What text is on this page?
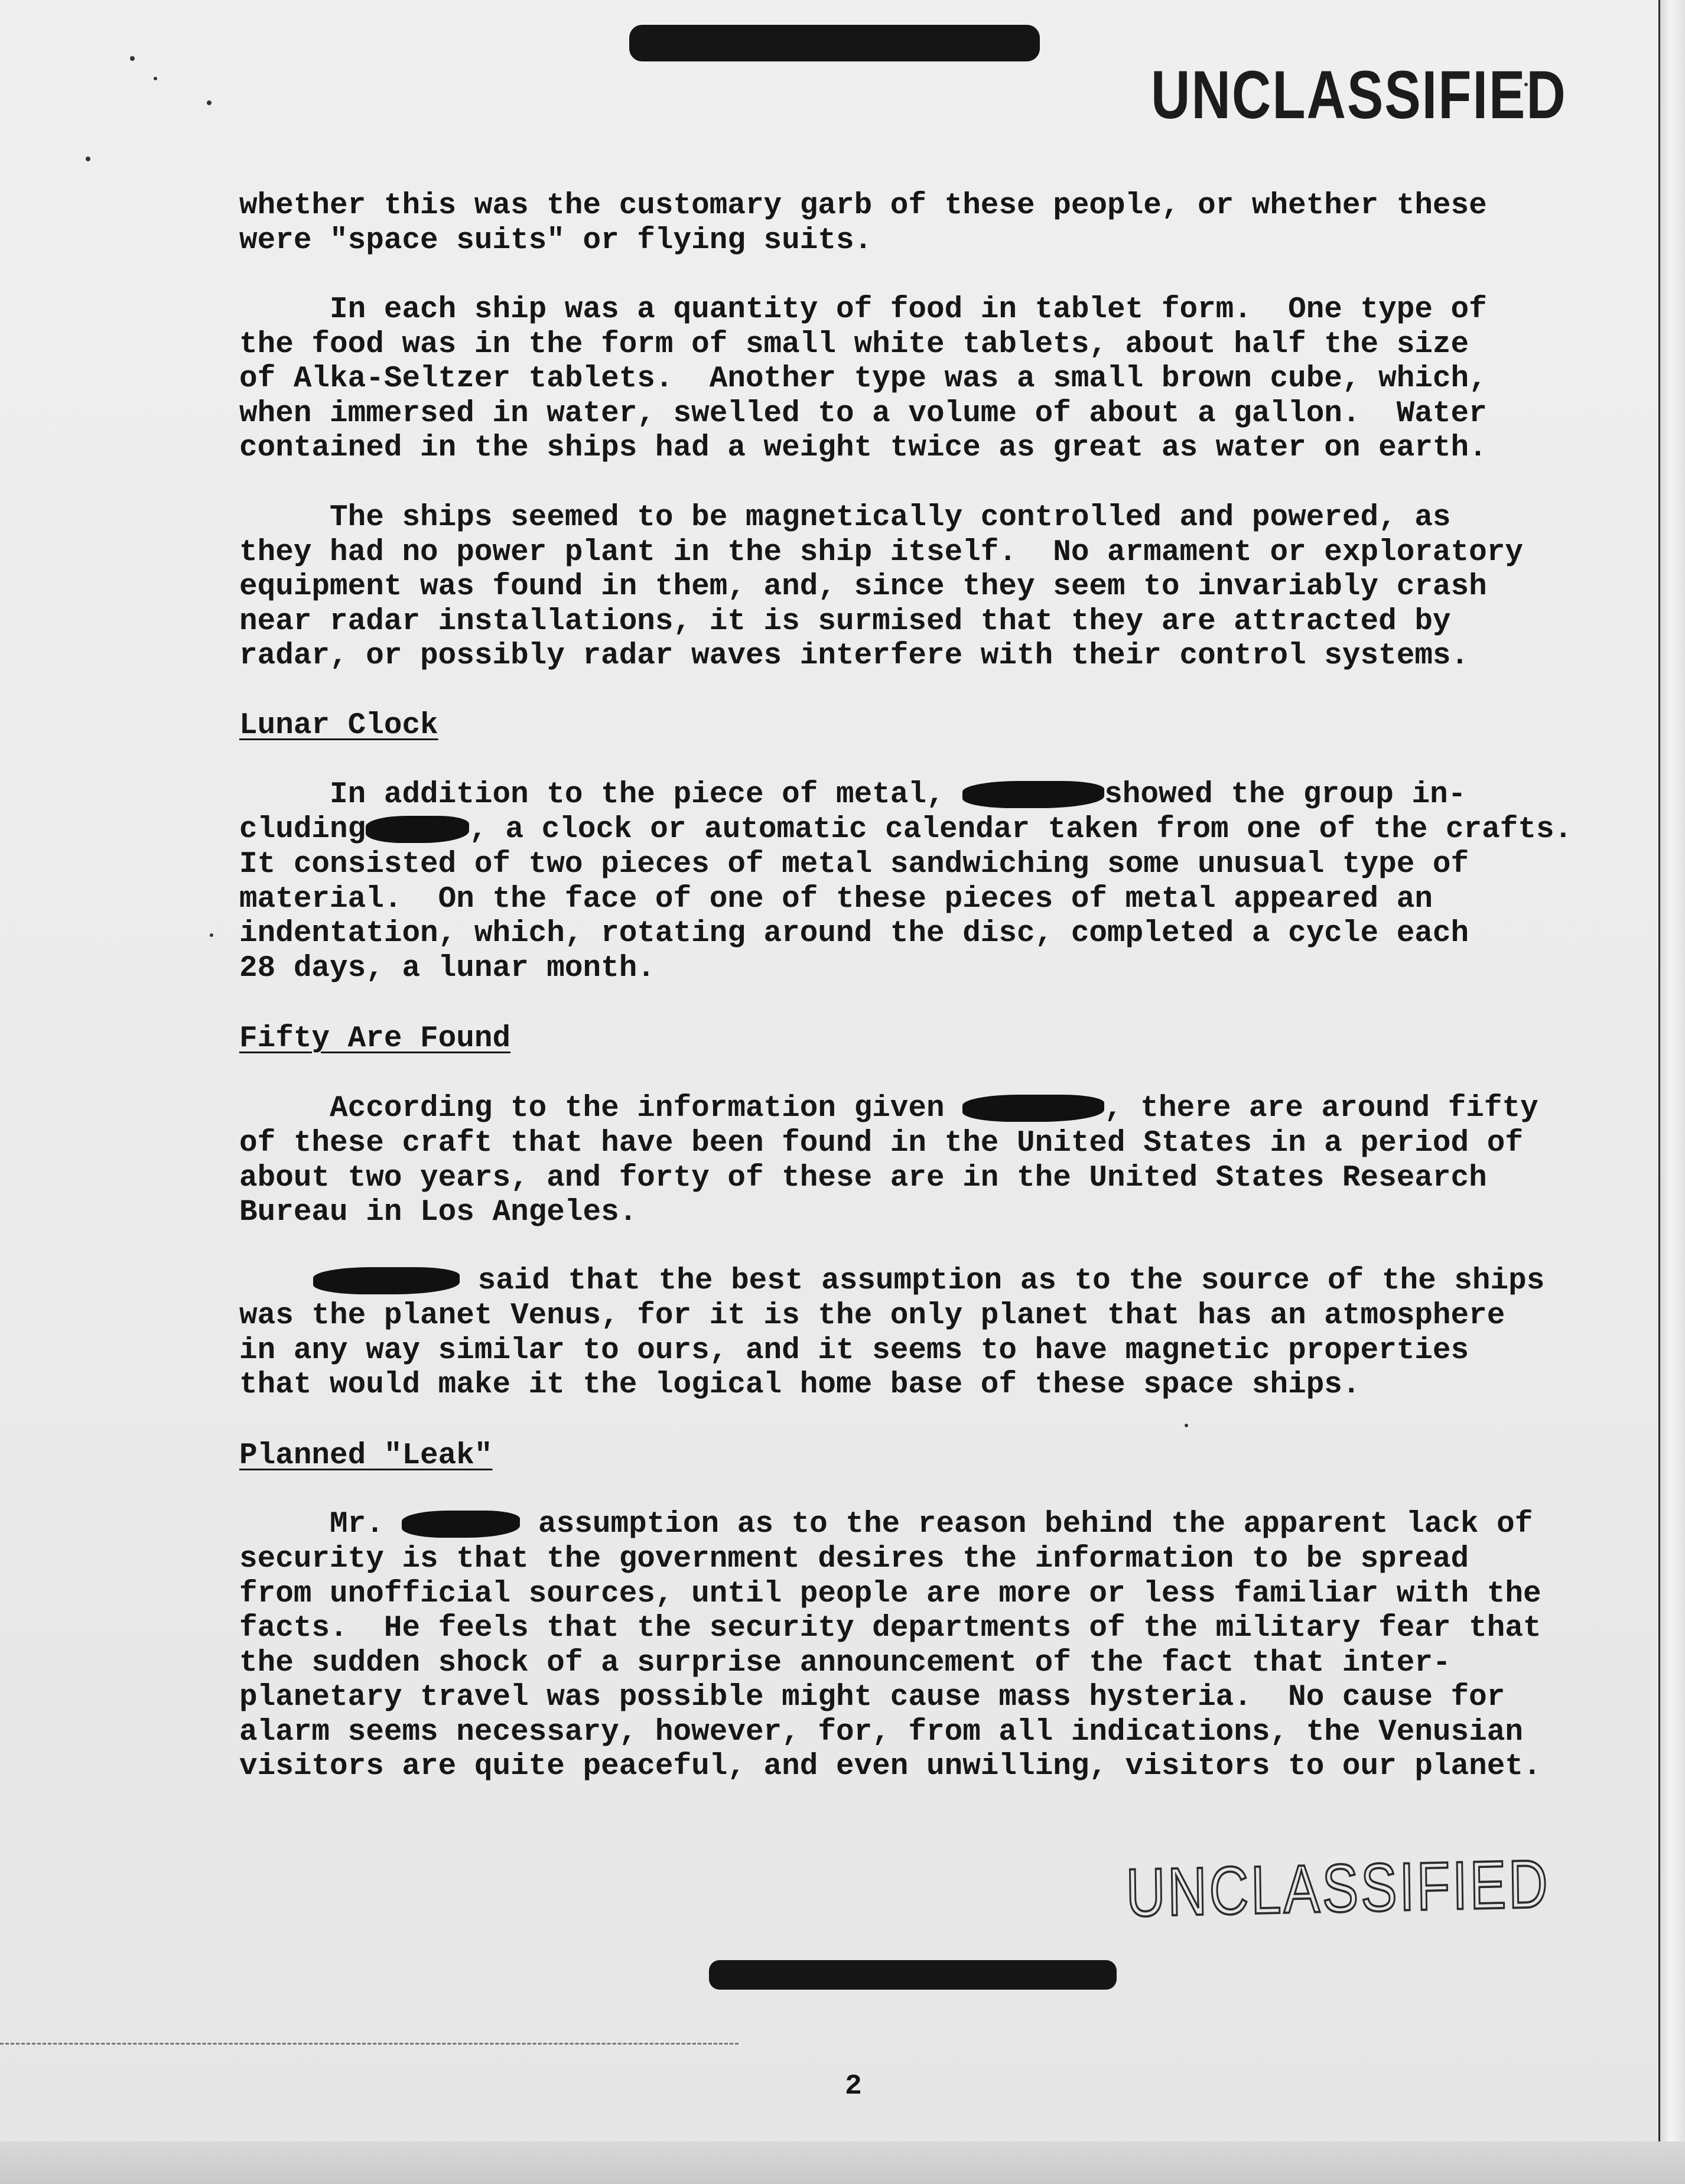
UNCLASSIFIED
whether this was the customary garb of these people, or whether these
were "space suits" or flying suits.
In each ship was a quantity of food in tablet form.  One type of
the food was in the form of small white tablets, about half the size
of Alka-Seltzer tablets.  Another type was a small brown cube, which,
when immersed in water, swelled to a volume of about a gallon.  Water
contained in the ships had a weight twice as great as water on earth.
The ships seemed to be magnetically controlled and powered, as
they had no power plant in the ship itself.  No armament or exploratory
equipment was found in them, and, since they seem to invariably crash
near radar installations, it is surmised that they are attracted by
radar, or possibly radar waves interfere with their control systems.
Lunar Clock
In addition to the piece of metal,	showed the group in-
cluding	, a clock or automatic calendar taken from one of the crafts.
It consisted of two pieces of metal sandwiching some unusual type of
material.  On the face of one of these pieces of metal appeared an
indentation, which, rotating around the disc, completed a cycle each
28 days, a lunar month.
Fifty Are Found
According to the information given	, there are around fifty
of these craft that have been found in the United States in a period of
about two years, and forty of these are in the United States Research
Bureau in Los Angeles.
said that the best assumption as to the source of the ships
was the planet Venus, for it is the only planet that has an atmosphere
in any way similar to ours, and it seems to have magnetic properties
that would make it the logical home base of these space ships.
Planned "Leak"
Mr.	assumption as to the reason behind the apparent lack of
security is that the government desires the information to be spread
from unofficial sources, until people are more or less familiar with the
facts.  He feels that the security departments of the military fear that
the sudden shock of a surprise announcement of the fact that inter-
planetary travel was possible might cause mass hysteria.  No cause for
alarm seems necessary, however, for, from all indications, the Venusian
visitors are quite peaceful, and even unwilling, visitors to our planet.
UNCLASSIFIED
2
